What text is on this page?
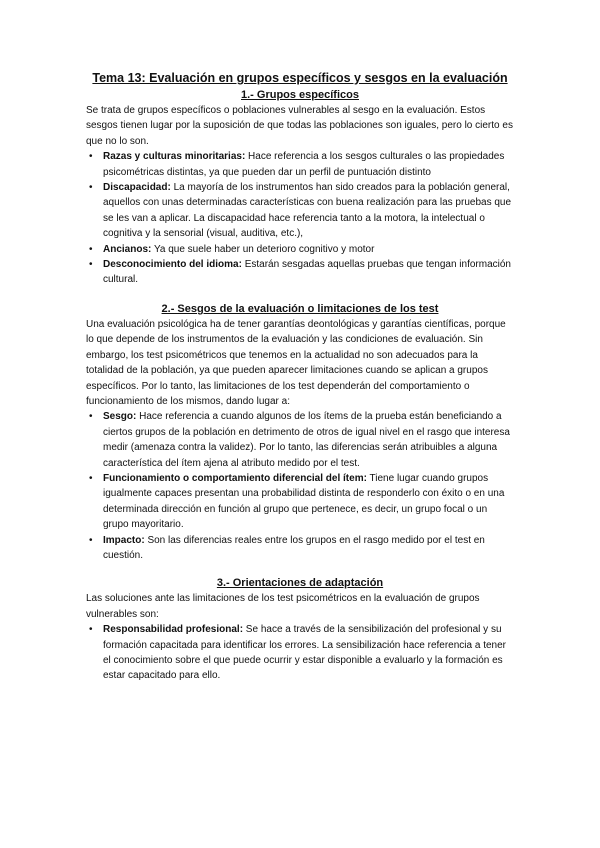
Tema 13: Evaluación en grupos específicos y sesgos en la evaluación
1.- Grupos específicos

Se trata de grupos específicos o poblaciones vulnerables al sesgo en la evaluación. Estos sesgos tienen lugar por la suposición de que todas las poblaciones son iguales, pero lo cierto es que no lo son.

• Razas y culturas minoritarias: Hace referencia a los sesgos culturales o las propiedades psicométricas distintas, ya que pueden dar un perfil de puntuación distinto
• Discapacidad: La mayoría de los instrumentos han sido creados para la población general, aquellos con unas determinadas características con buena realización para las pruebas que se les van a aplicar. La discapacidad hace referencia tanto a la motora, la intelectual o cognitiva y la sensorial (visual, auditiva, etc.),
• Ancianos: Ya que suele haber un deterioro cognitivo y motor
• Desconocimiento del idioma: Estarán sesgadas aquellas pruebas que tengan información cultural.
2.- Sesgos de la evaluación o limitaciones de los test

Una evaluación psicológica ha de tener garantías deontológicas y garantías científicas, porque lo que depende de los instrumentos de la evaluación y las condiciones de evaluación. Sin embargo, los test psicométricos que tenemos en la actualidad no son adecuados para la totalidad de la población, ya que pueden aparecer limitaciones cuando se aplican a grupos específicos. Por lo tanto, las limitaciones de los test dependerán del comportamiento o funcionamiento de los mismos, dando lugar a:

• Sesgo: Hace referencia a cuando algunos de los ítems de la prueba están beneficiando a ciertos grupos de la población en detrimento de otros de igual nivel en el rasgo que interesa medir (amenaza contra la validez). Por lo tanto, las diferencias serán atribuibles a alguna característica del ítem ajena al atributo medido por el test.
• Funcionamiento o comportamiento diferencial del ítem: Tiene lugar cuando grupos igualmente capaces presentan una probabilidad distinta de responderlo con éxito o en una determinada dirección en función al grupo que pertenece, es decir, un grupo focal o un grupo mayoritario.
• Impacto: Son las diferencias reales entre los grupos en el rasgo medido por el test en cuestión.
3.- Orientaciones de adaptación

Las soluciones ante las limitaciones de los test psicométricos en la evaluación de grupos vulnerables son:

• Responsabilidad profesional: Se hace a través de la sensibilización del profesional y su formación capacitada para identificar los errores. La sensibilización hace referencia a tener el conocimiento sobre el que puede ocurrir y estar disponible a evaluarlo y la formación es estar capacitado para ello.
